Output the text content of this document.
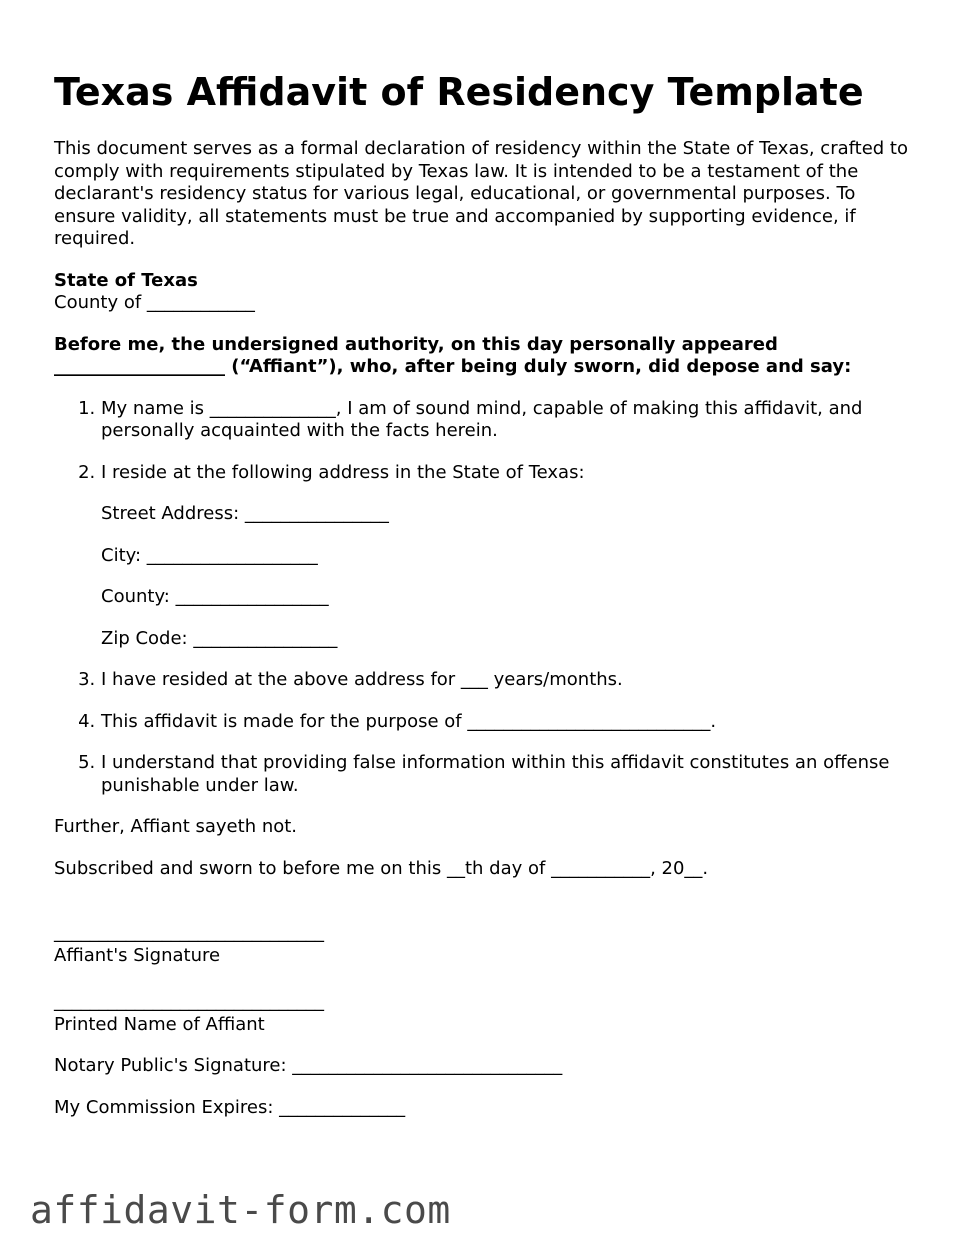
Texas Affidavit of Residency Template

This document serves as a formal declaration of residency within the State of Texas, crafted to comply with requirements stipulated by Texas law. It is intended to be a testament of the declarant's residency status for various legal, educational, or governmental purposes. To ensure validity, all statements must be true and accompanied by supporting evidence, if required.

State of Texas

County of ____________

Before me, the undersigned authority, on this day personally appeared ___________________ (“Affiant”), who, after being duly sworn, did depose and say:

1. My name is ______________, I am of sound mind, capable of making this affidavit, and personally acquainted with the facts herein.
2. I reside at the following address in the State of Texas:

Street Address: ________________

City: ___________________

County: _________________

Zip Code: ________________

3. I have resided at the above address for ___ years/months.
4. This affidavit is made for the purpose of ___________________________.
5. I understand that providing false information within this affidavit constitutes an offense punishable under law.

Further, Affiant sayeth not.

Subscribed and sworn to before me on this __th day of ___________, 20__.

______________________________

Affiant's Signature

______________________________

Printed Name of Affiant

Notary Public's Signature: ______________________________

My Commission Expires: ______________

affidavit-form.com
